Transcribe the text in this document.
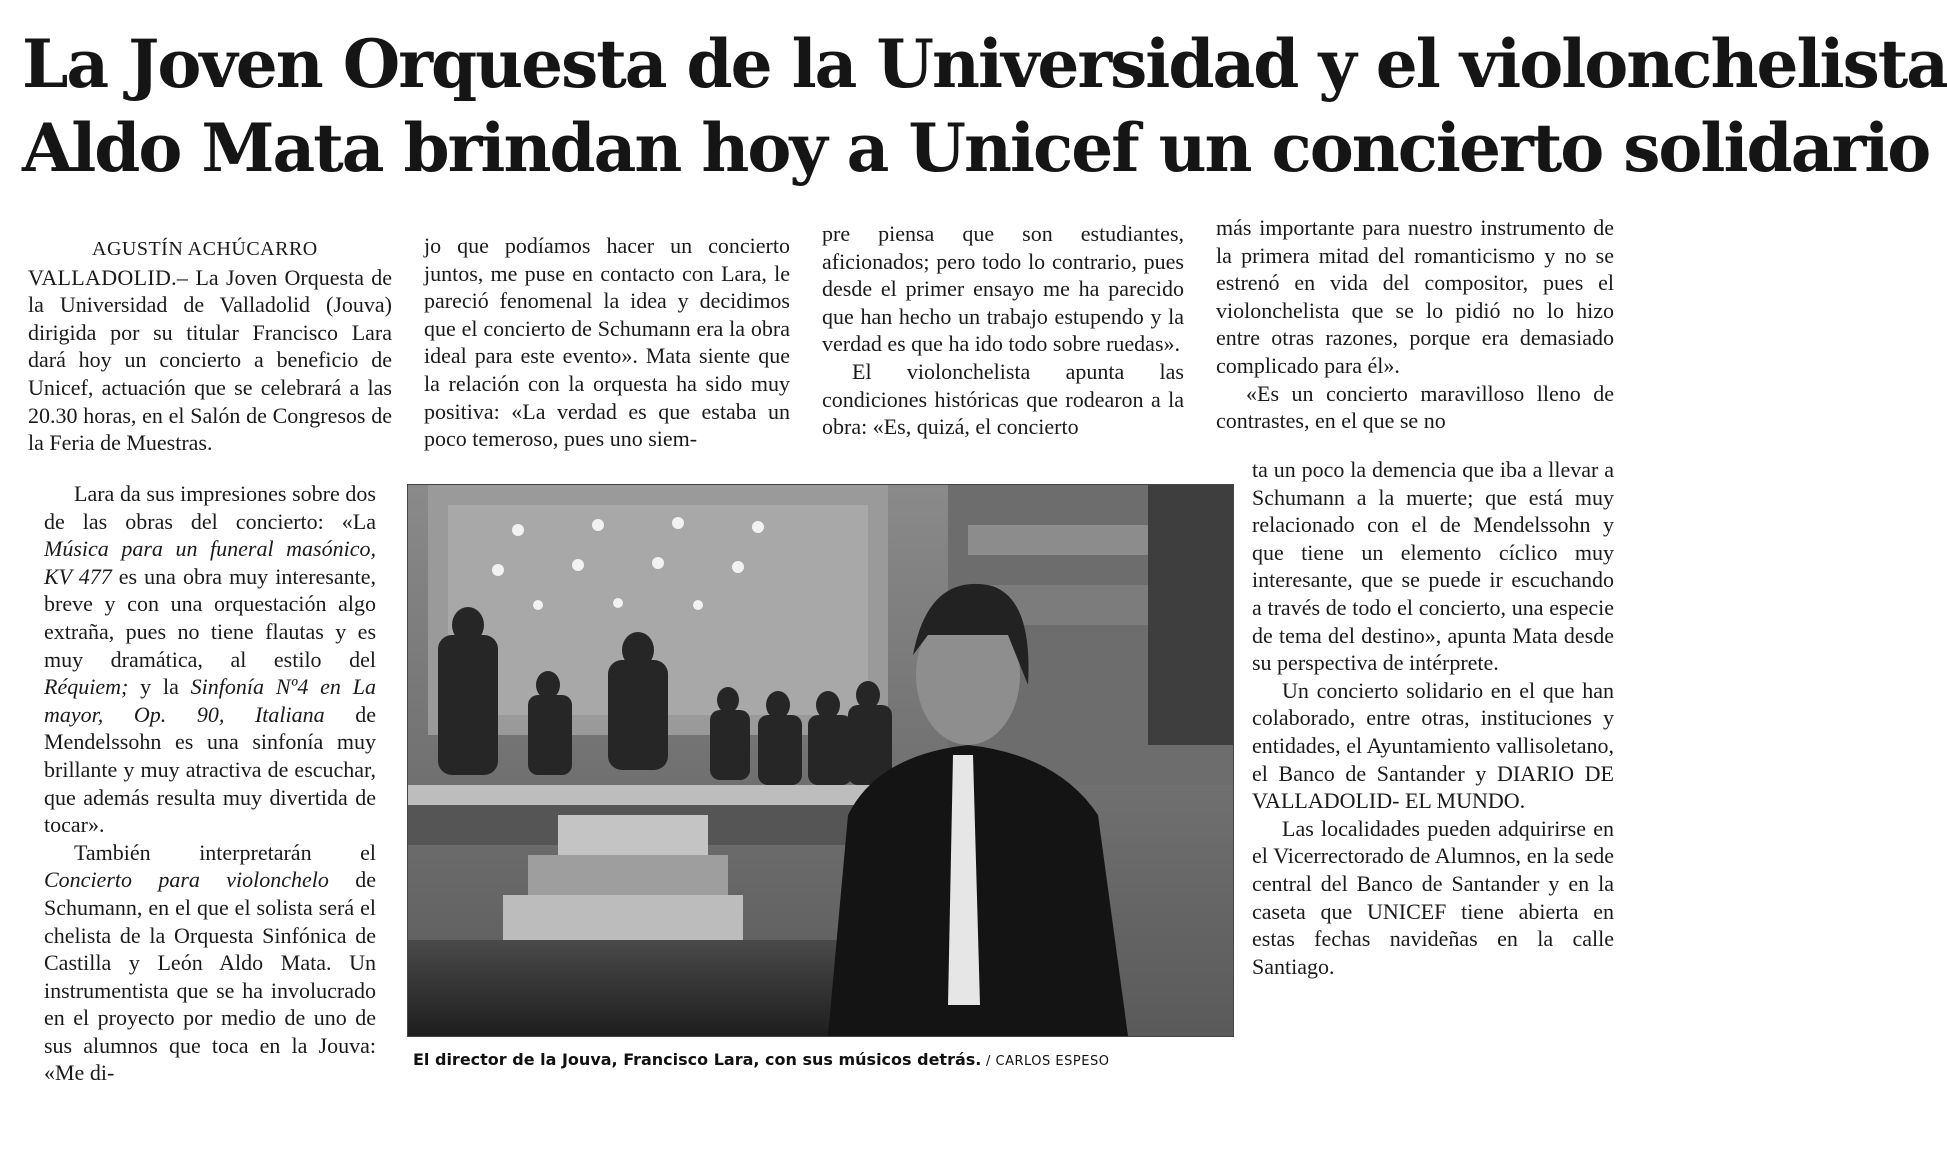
La Joven Orquesta de la Universidad y el violonchelista
Aldo Mata brindan hoy a Unicef un concierto solidario

AGUSTÍN ACHÚCARRO

VALLADOLID.– La Joven Orquesta de la Universidad de Valladolid (Jouva) dirigida por su titular Francisco Lara dará hoy un concierto a beneficio de Unicef, actuación que se celebrará a las 20.30 horas, en el Salón de Congresos de la Feria de Muestras.

Lara da sus impresiones sobre dos de las obras del concierto: «La Música para un funeral masónico, KV 477 es una obra muy interesante, breve y con una orquestación algo extraña, pues no tiene flautas y es muy dramática, al estilo del Réquiem; y la Sinfonía Nº4 en La mayor, Op. 90, Italiana de Mendelssohn es una sinfonía muy brillante y muy atractiva de escuchar, que además resulta muy divertida de tocar».

También interpretarán el Concierto para violonchelo de Schumann, en el que el solista será el chelista de la Orquesta Sinfónica de Castilla y León Aldo Mata. Un instrumentista que se ha involucrado en el proyecto por medio de uno de sus alumnos que toca en la Jouva: «Me di-

jo que podíamos hacer un concierto juntos, me puse en contacto con Lara, le pareció fenomenal la idea y decidimos que el concierto de Schumann era la obra ideal para este evento». Mata siente que la relación con la orquesta ha sido muy positiva: «La verdad es que estaba un poco temeroso, pues uno siem-

pre piensa que son estudiantes, aficionados; pero todo lo contrario, pues desde el primer ensayo me ha parecido que han hecho un trabajo estupendo y la verdad es que ha ido todo sobre ruedas».

El violonchelista apunta las condiciones históricas que rodearon a la obra: «Es, quizá, el concierto

más importante para nuestro instrumento de la primera mitad del romanticismo y no se estrenó en vida del compositor, pues el violonchelista que se lo pidió no lo hizo entre otras razones, porque era demasiado complicado para él».

«Es un concierto maravilloso lleno de contrastes, en el que se no

ta un poco la demencia que iba a llevar a Schumann a la muerte; que está muy relacionado con el de Mendelssohn y que tiene un elemento cíclico muy interesante, que se puede ir escuchando a través de todo el concierto, una especie de tema del destino», apunta Mata desde su perspectiva de intérprete.

Un concierto solidario en el que han colaborado, entre otras, instituciones y entidades, el Ayuntamiento vallisoletano, el Banco de Santander y DIARIO DE VALLADOLID- EL MUNDO.

Las localidades pueden adquirirse en el Vicerrectorado de Alumnos, en la sede central del Banco de Santander y en la caseta que UNICEF tiene abierta en estas fechas navideñas en la calle Santiago.

El director de la Jouva, Francisco Lara, con sus músicos detrás. / CARLOS ESPESO
